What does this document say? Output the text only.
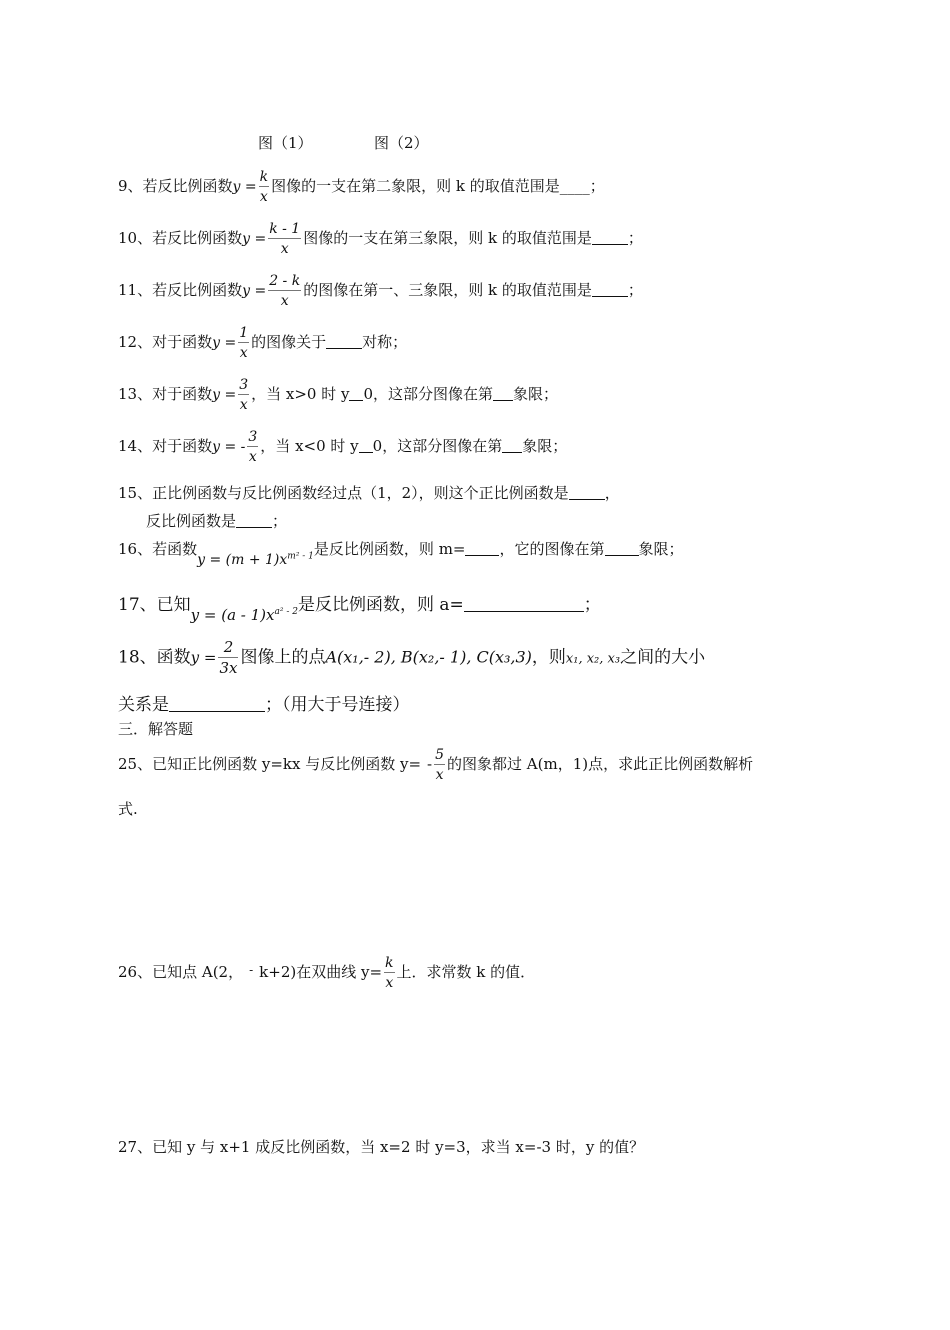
图（1）	图（2）
9、若反比例函数$y = \frac{k}{x}$ 图像的一支在第二象限，则 k 的取值范围是____；
10、若反比例函数$y = \frac{k - 1}{x}$ 图像的一支在第三象限，则 k 的取值范围是 ；
11、若反比例函数$y = \frac{2 - k}{x}$ 的图像在第一、三象限，则 k 的取值范围是 ；
12、对于函数$y = \frac{1}{x}$ 的图像关于 对称；
13、对于函数$y = \frac{3}{x}$ ，当 x>0 时 y 0，这部分图像在第 象限；
14、对于函数y = - $\frac{3}{x}$ ，当 x<0 时 y 0，这部分图像在第 象限；
15、正比例函数与反比例函数经过点（1，2），则这个正比例函数是 ，
反比例函数是 ；
16、若函数$y = (m + 1)x^{m^2 - 1}$是反比例函数，则 m= ，它的图像在第 象限；
17、已知$y = (a - 1)x^{a^2 - 2}$是反比例函数，则 a=	；
18、函数$y = \frac{2}{3x}$ 图像上的点A(x₁,- 2), B(x₂,- 1), C(x₃,3)，则x₁, x₂, x₃之间的大小
关系是	；（用大于号连接）
三．解答题
25、已知正比例函数 y=kx 与反比例函数 $y= - \frac{5}{x}$ 的图象都过 A(m，1)点，求此正比例函数解析
式.
26、已知点 A(2， - k+2)在双曲线 $y= \frac{k}{x}$ 上．求常数 k 的值．
27、已知 y 与 x+1 成反比例函数，当 x=2 时 y=3，求当 x=-3 时，y 的值？
